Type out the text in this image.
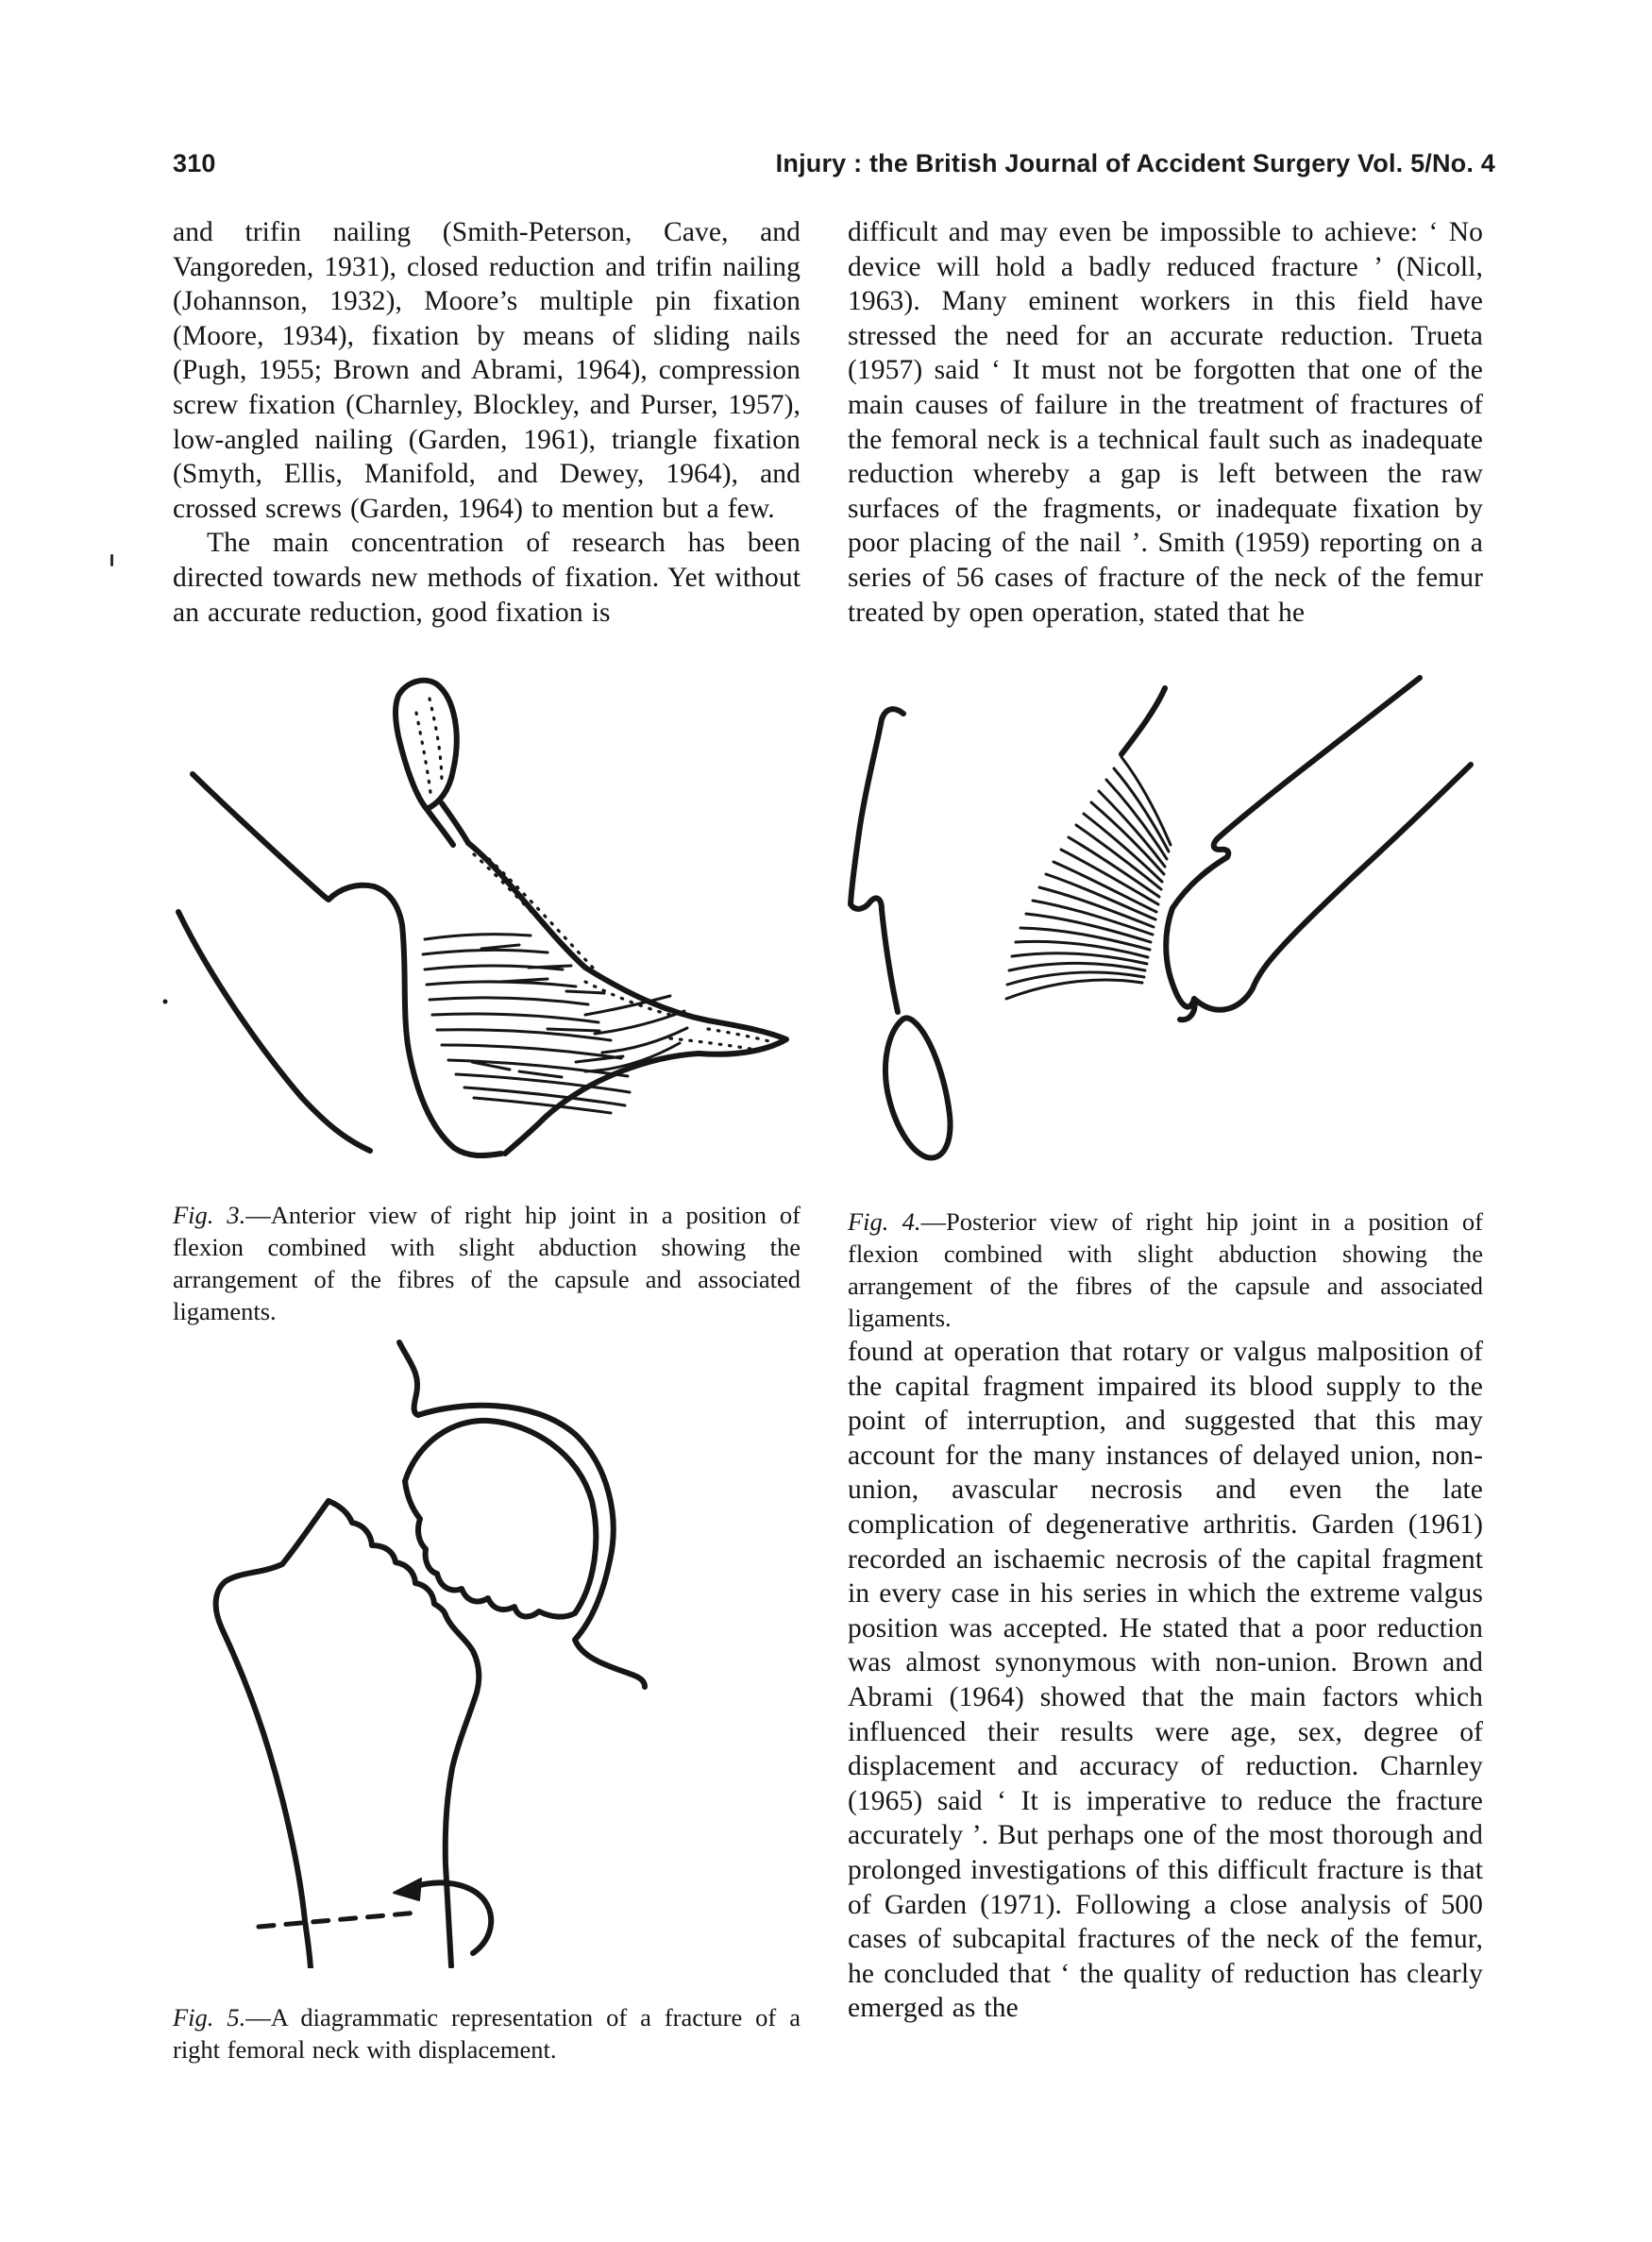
310	Injury : the British Journal of Accident Surgery Vol. 5/No. 4

and trifin nailing (Smith-Peterson, Cave, and Vangoreden, 1931), closed reduction and trifin nailing (Johannson, 1932), Moore’s multiple pin fixation (Moore, 1934), fixation by means of sliding nails (Pugh, 1955; Brown and Abrami, 1964), compression screw fixation (Charnley, Blockley, and Purser, 1957), low-angled nailing (Garden, 1961), triangle fixation (Smyth, Ellis, Manifold, and Dewey, 1964), and crossed screws (Garden, 1964) to mention but a few.

The main concentration of research has been directed towards new methods of fixation. Yet without an accurate reduction, good fixation is

difficult and may even be impossible to achieve: ‘ No device will hold a badly reduced fracture ’ (Nicoll, 1963). Many eminent workers in this field have stressed the need for an accurate reduction. Trueta (1957) said ‘ It must not be forgotten that one of the main causes of failure in the treatment of fractures of the femoral neck is a technical fault such as inadequate reduction whereby a gap is left between the raw surfaces of the fragments, or inadequate fixation by poor placing of the nail ’. Smith (1959) reporting on a series of 56 cases of fracture of the neck of the femur treated by open operation, stated that he

Fig. 3.—Anterior view of right hip joint in a position of flexion combined with slight abduction showing the arrangement of the fibres of the capsule and associated ligaments.

Fig. 4.—Posterior view of right hip joint in a position of flexion combined with slight abduction showing the arrangement of the fibres of the capsule and associated ligaments.

found at operation that rotary or valgus malposition of the capital fragment impaired its blood supply to the point of interruption, and suggested that this may account for the many instances of delayed union, non-union, avascular necrosis and even the late complication of degenerative arthritis. Garden (1961) recorded an ischaemic necrosis of the capital fragment in every case in his series in which the extreme valgus position was accepted. He stated that a poor reduction was almost synonymous with non-union. Brown and Abrami (1964) showed that the main factors which influenced their results were age, sex, degree of displacement and accuracy of reduction. Charnley (1965) said ‘ It is imperative to reduce the fracture accurately ’. But perhaps one of the most thorough and prolonged investigations of this difficult fracture is that of Garden (1971). Following a close analysis of 500 cases of subcapital fractures of the neck of the femur, he concluded that ‘ the quality of reduction has clearly emerged as the

Fig. 5.—A diagrammatic representation of a fracture of a right femoral neck with displacement.
